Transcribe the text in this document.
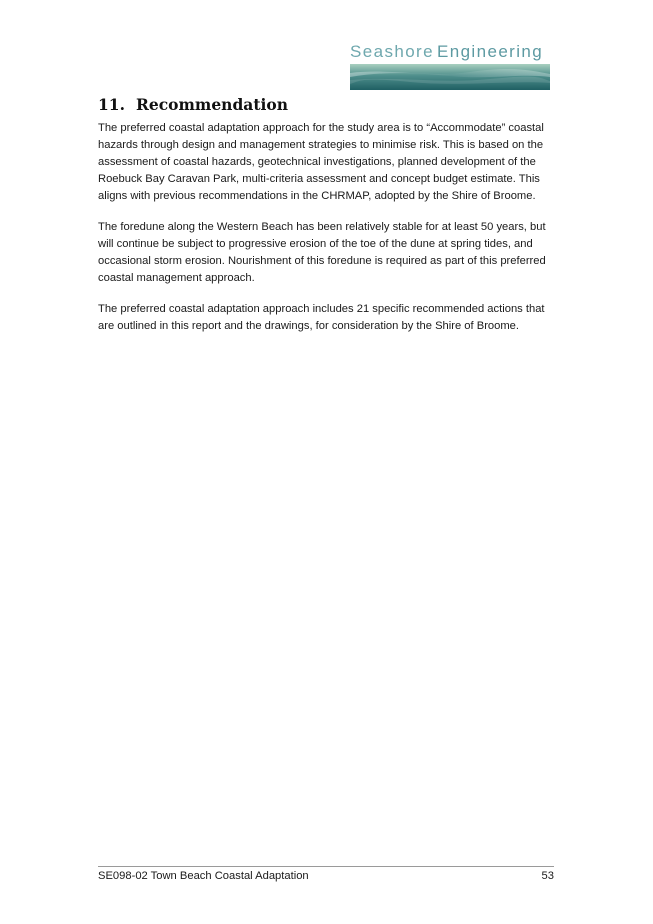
Seashore Engineering
11. Recommendation

The preferred coastal adaptation approach for the study area is to “Accommodate” coastal hazards through design and management strategies to minimise risk. This is based on the assessment of coastal hazards, geotechnical investigations, planned development of the Roebuck Bay Caravan Park, multi-criteria assessment and concept budget estimate. This aligns with previous recommendations in the CHRMAP, adopted by the Shire of Broome.

The foredune along the Western Beach has been relatively stable for at least 50 years, but will continue be subject to progressive erosion of the toe of the dune at spring tides, and occasional storm erosion. Nourishment of this foredune is required as part of this preferred coastal management approach.

The preferred coastal adaptation approach includes 21 specific recommended actions that are outlined in this report and the drawings, for consideration by the Shire of Broome.

SE098-02 Town Beach Coastal Adaptation	53
